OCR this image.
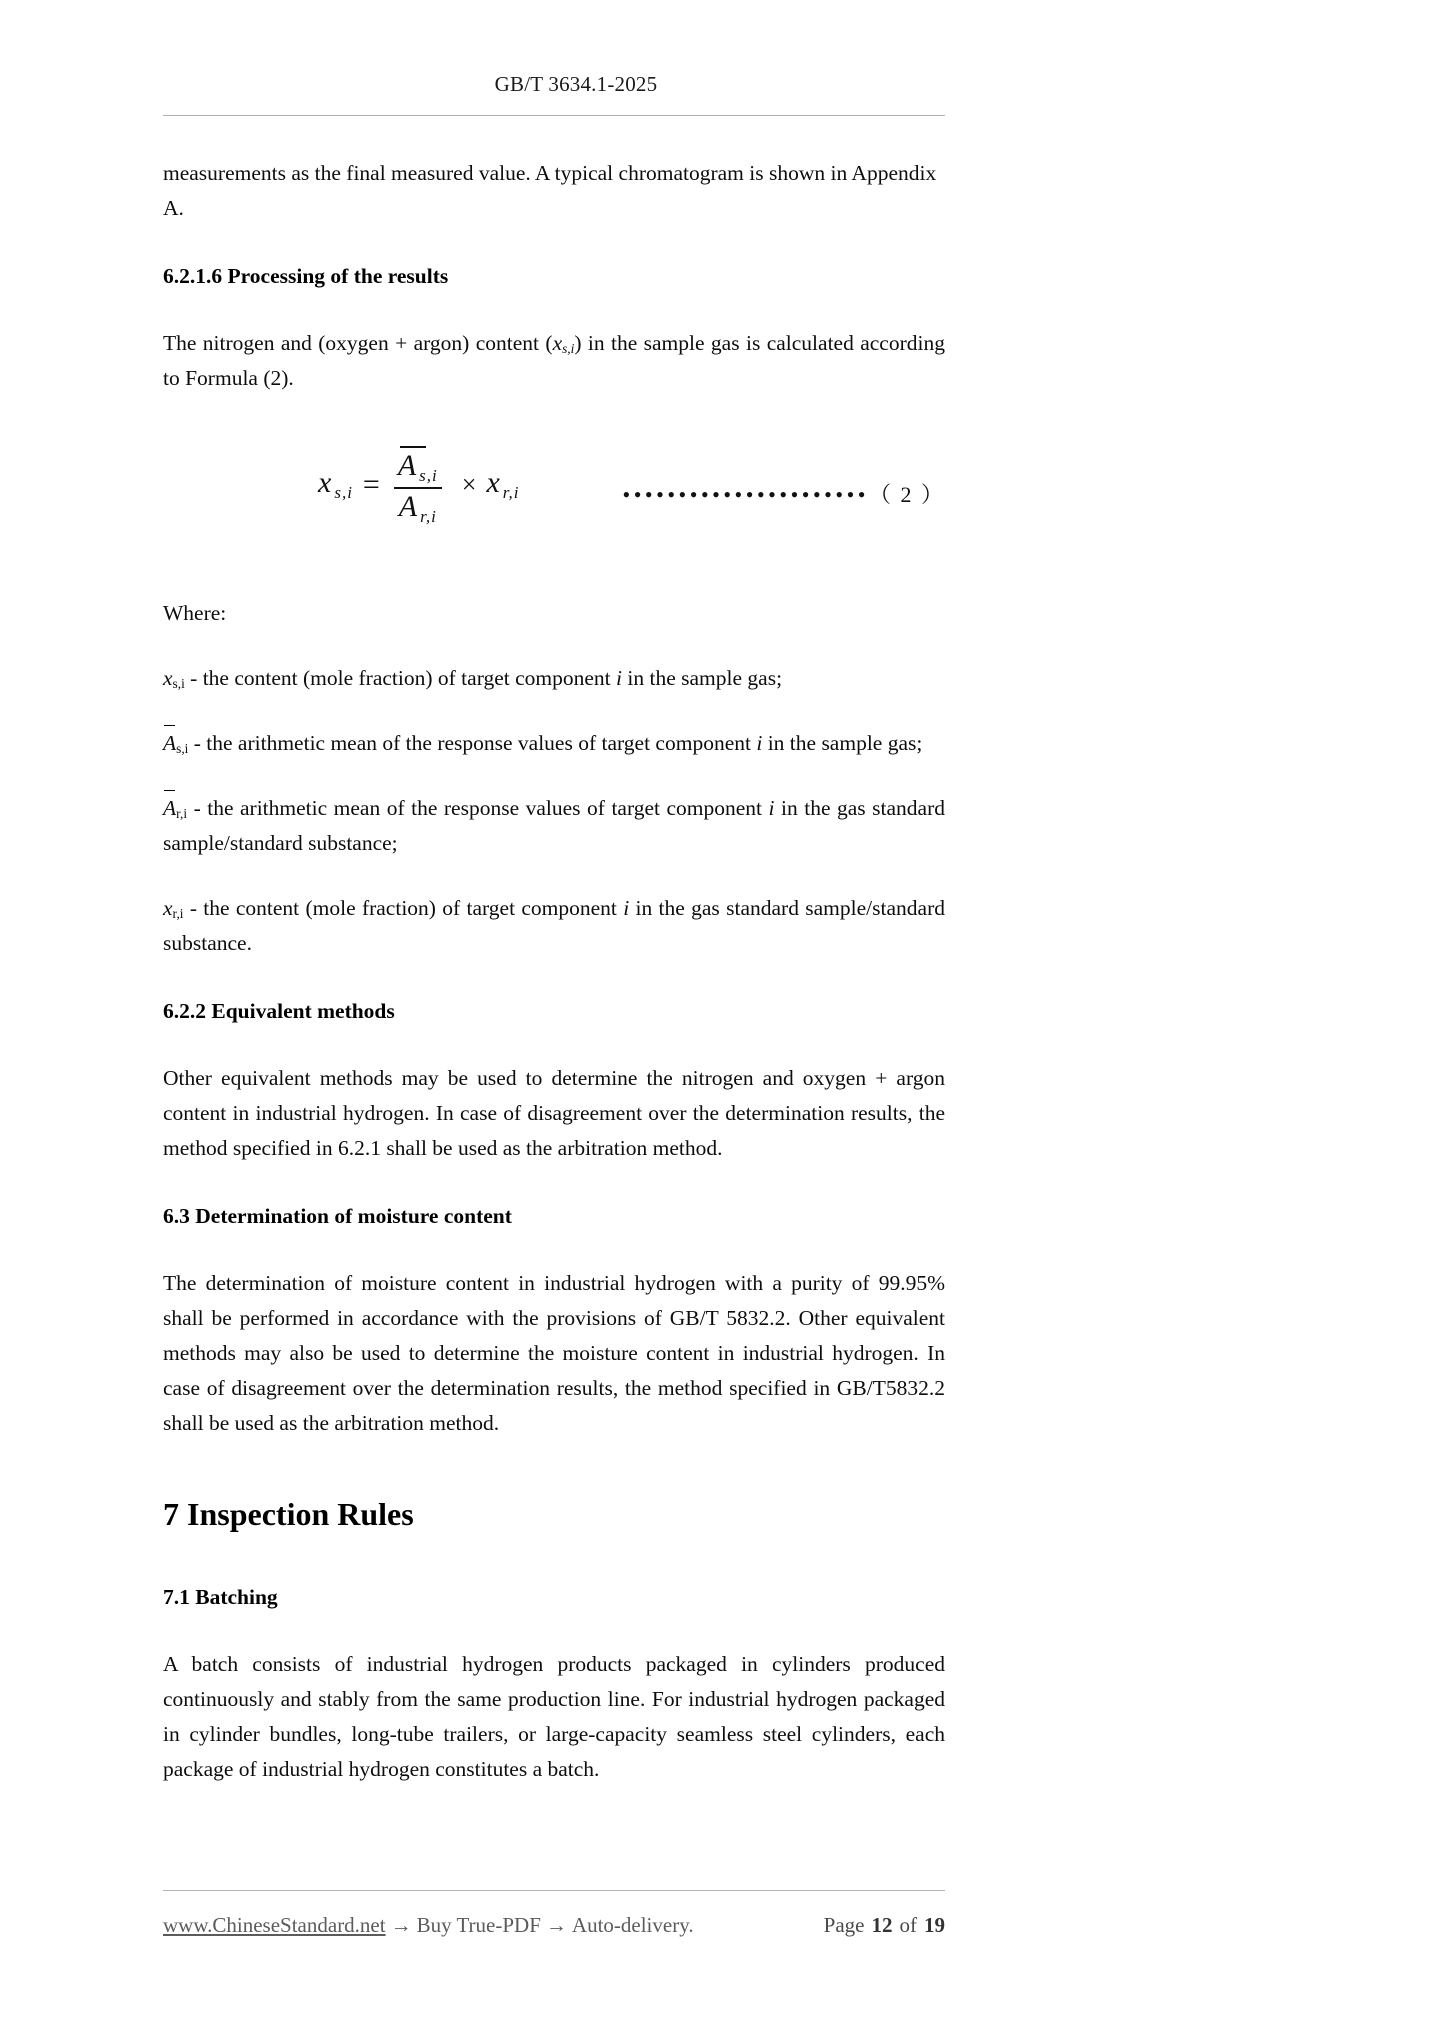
GB/T 3634.1-2025

measurements as the final measured value. A typical chromatogram is shown in Appendix A.

6.2.1.6 Processing of the results

The nitrogen and (oxygen + argon) content $(x_{s,i})$ in the sample gas is calculated according to Formula (2).

x $_{s,i} = \frac{A _{s,i}}{A _{r,i}} \times x$ $_{r,i}$	••••••••••••••••••••••（ 2 ）

Where:

$x_{s,i}$ - the content (mole fraction) of target component i in the sample gas;

$A_{s,i}$ - the arithmetic mean of the response values of target component i in the sample gas;

$A_{r,i}$ - the arithmetic mean of the response values of target component i in the gas standard sample/standard substance;

$x_{r,i}$ - the content (mole fraction) of target component i in the gas standard sample/standard substance.

6.2.2 Equivalent methods

Other equivalent methods may be used to determine the nitrogen and oxygen + argon content in industrial hydrogen. In case of disagreement over the determination results, the method specified in 6.2.1 shall be used as the arbitration method.

6.3 Determination of moisture content

The determination of moisture content in industrial hydrogen with a purity of 99.95% shall be performed in accordance with the provisions of GB/T 5832.2. Other equivalent methods may also be used to determine the moisture content in industrial hydrogen. In case of disagreement over the determination results, the method specified in GB/T5832.2 shall be used as the arbitration method.

7 Inspection Rules
7.1 Batching

A batch consists of industrial hydrogen products packaged in cylinders produced continuously and stably from the same production line. For industrial hydrogen packaged in cylinder bundles, long-tube trailers, or large-capacity seamless steel cylinders, each package of industrial hydrogen constitutes a batch.

www.ChineseStandard.net → Buy True-PDF → Auto-delivery.	Page 12 of 19
